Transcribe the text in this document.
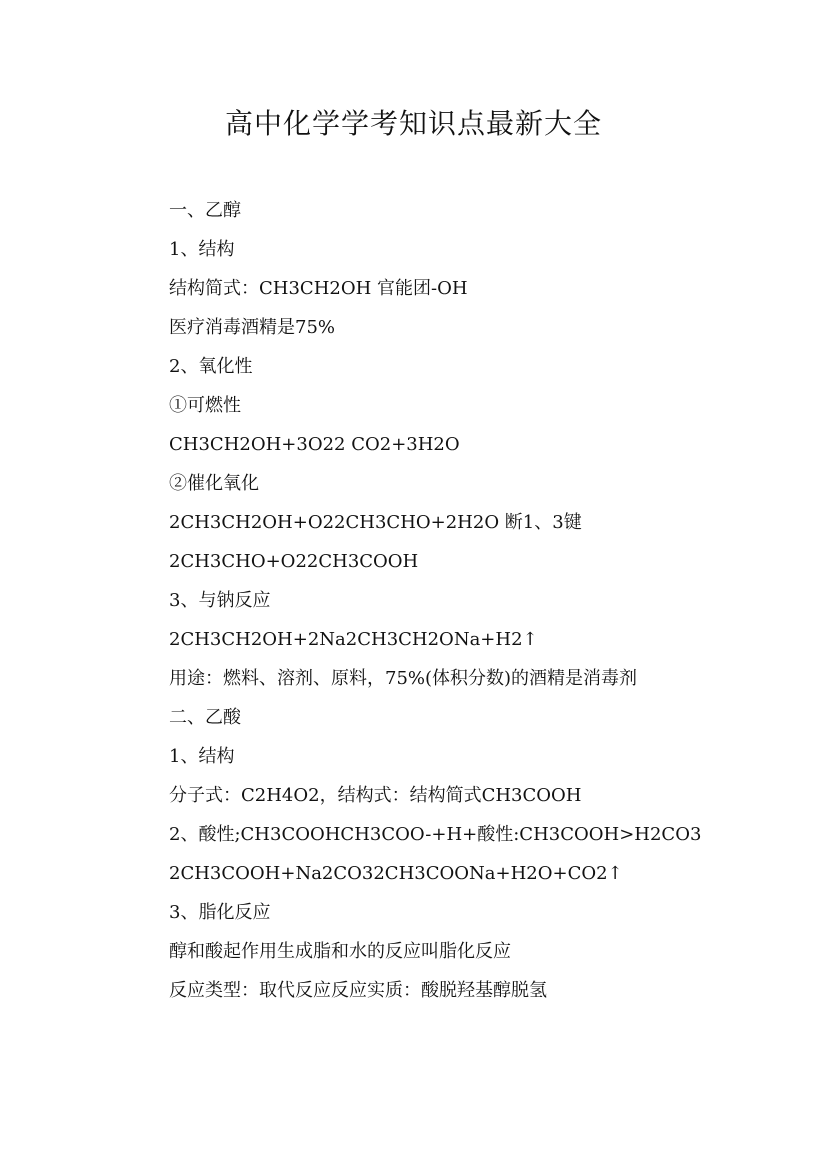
高中化学学考知识点最新大全

一、乙醇

1、结构

结构简式：CH3CH2OH 官能团-OH

医疗消毒酒精是75%

2、氧化性

①可燃性

CH3CH2OH+3O22 CO2+3H2O

②催化氧化

2CH3CH2OH+O22CH3CHO+2H2O 断1、3键

2CH3CHO+O22CH3COOH

3、与钠反应

2CH3CH2OH+2Na2CH3CH2ONa+H2↑

用途：燃料、溶剂、原料，75%(体积分数)的酒精是消毒剂

二、乙酸

1、结构

分子式：C2H4O2，结构式：结构简式CH3COOH

2、酸性;CH3COOHCH3COO-+H+酸性:CH3COOH>H2CO3

2CH3COOH+Na2CO32CH3COONa+H2O+CO2↑

3、脂化反应

醇和酸起作用生成脂和水的反应叫脂化反应

反应类型：取代反应反应实质：酸脱羟基醇脱氢
